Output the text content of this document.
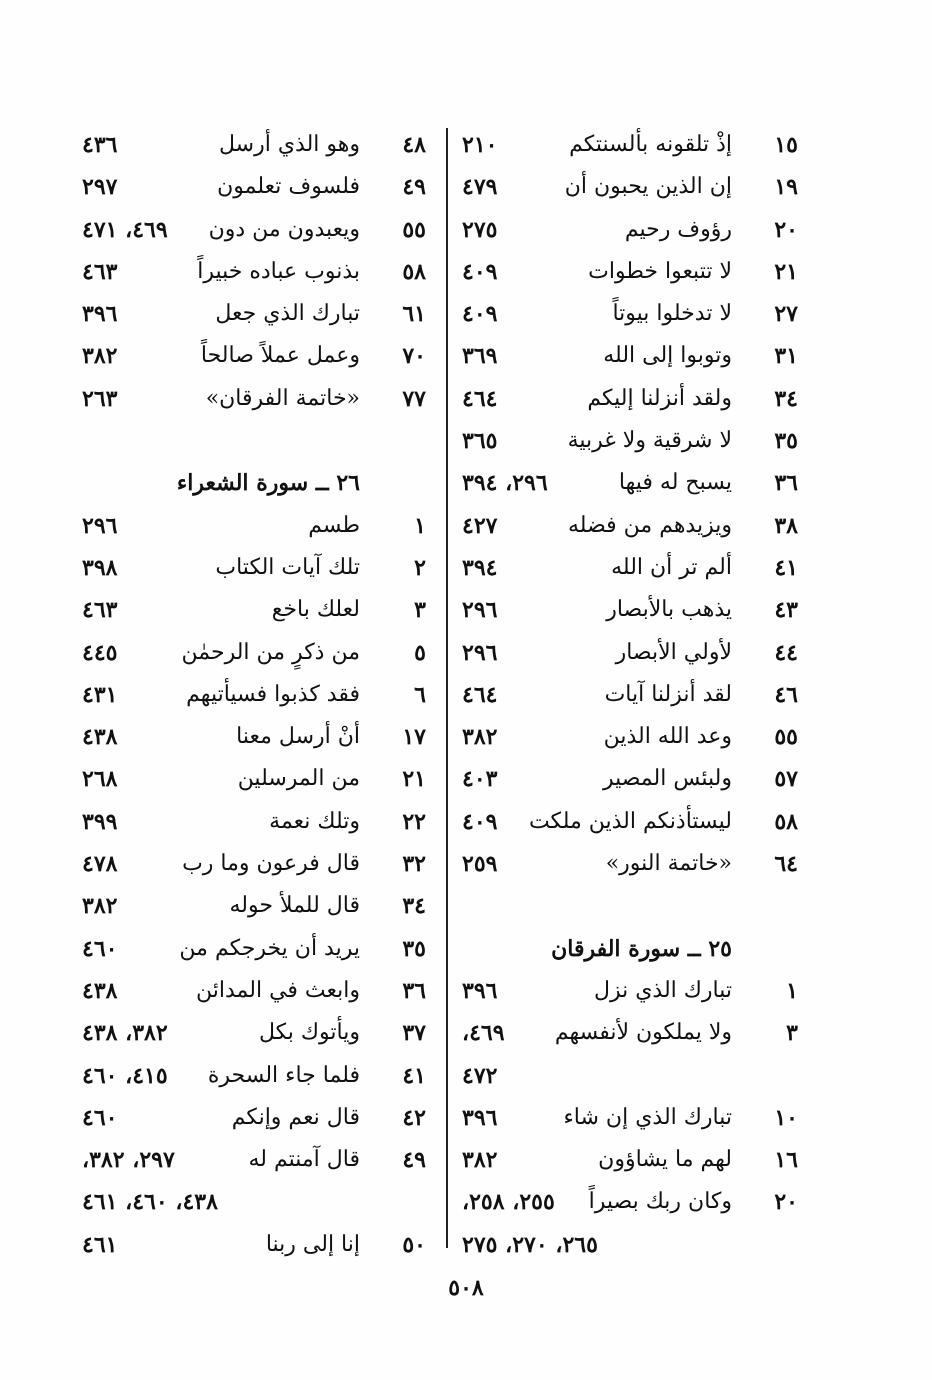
١٥
إذْ تلقونه بألسنتكم
٢١٠
١٩
إن الذين يحبون أن
٤٧٩
٢٠
رؤوف رحيم
٢٧٥
٢١
لا تتبعوا خطوات
٤٠٩
٢٧
لا تدخلوا بيوتاً
٤٠٩
٣١
وتوبوا إلى الله
٣٦٩
٣٤
ولقد أنزلنا إليكم
٤٦٤
٣٥
لا شرقية ولا غربية
٣٦٥
٣٦
يسبح له فيها
٢٩٦، ٣٩٤
٣٨
ويزيدهم من فضله
٤٢٧
٤١
ألم تر أن الله
٣٩٤
٤٣
يذهب بالأبصار
٢٩٦
٤٤
لأولي الأبصار
٢٩٦
٤٦
لقد أنزلنا آيات
٤٦٤
٥٥
وعد الله الذين
٣٨٢
٥٧
ولبئس المصير
٤٠٣
٥٨
ليستأذنكم الذين ملكت
٤٠٩
٦٤
«خاتمة النور»
٢٥٩
٢٥ ــ سورة الفرقان
١
تبارك الذي نزل
٣٩٦
٣
ولا يملكون لأنفسهم
٤٦٩،
٤٧٢
١٠
تبارك الذي إن شاء
٣٩٦
١٦
لهم ما يشاؤون
٣٨٢
٢٠
وكان ربك بصيراً
٢٥٥، ٢٥٨،
٢٦٥، ٢٧٠، ٢٧٥
٤٨
وهو الذي أرسل
٤٣٦
٤٩
فلسوف تعلمون
٢٩٧
٥٥
ويعبدون من دون
٤٦٩، ٤٧١
٥٨
بذنوب عباده خبيراً
٤٦٣
٦١
تبارك الذي جعل
٣٩٦
٧٠
وعمل عملاً صالحاً
٣٨٢
٧٧
«خاتمة الفرقان»
٢٦٣
٢٦ ــ سورة الشعراء
١
طسم
٢٩٦
٢
تلك آيات الكتاب
٣٩٨
٣
لعلك باخع
٤٦٣
٥
من ذكرٍ من الرحمٰن
٤٤٥
٦
فقد كذبوا فسيأتيهم
٤٣١
١٧
أنْ أرسل معنا
٤٣٨
٢١
من المرسلين
٢٦٨
٢٢
وتلك نعمة
٣٩٩
٣٢
قال فرعون وما رب
٤٧٨
٣٤
قال للملأ حوله
٣٨٢
٣٥
يريد أن يخرجكم من
٤٦٠
٣٦
وابعث في المدائن
٤٣٨
٣٧
ويأتوك بكل
٣٨٢، ٤٣٨
٤١
فلما جاء السحرة
٤١٥، ٤٦٠
٤٢
قال نعم وإنكم
٤٦٠
٤٩
قال آمنتم له
٢٩٧، ٣٨٢،
٤٣٨، ٤٦٠، ٤٦١
٥٠
إنا إلى ربنا
٤٦١
٥٠٨
